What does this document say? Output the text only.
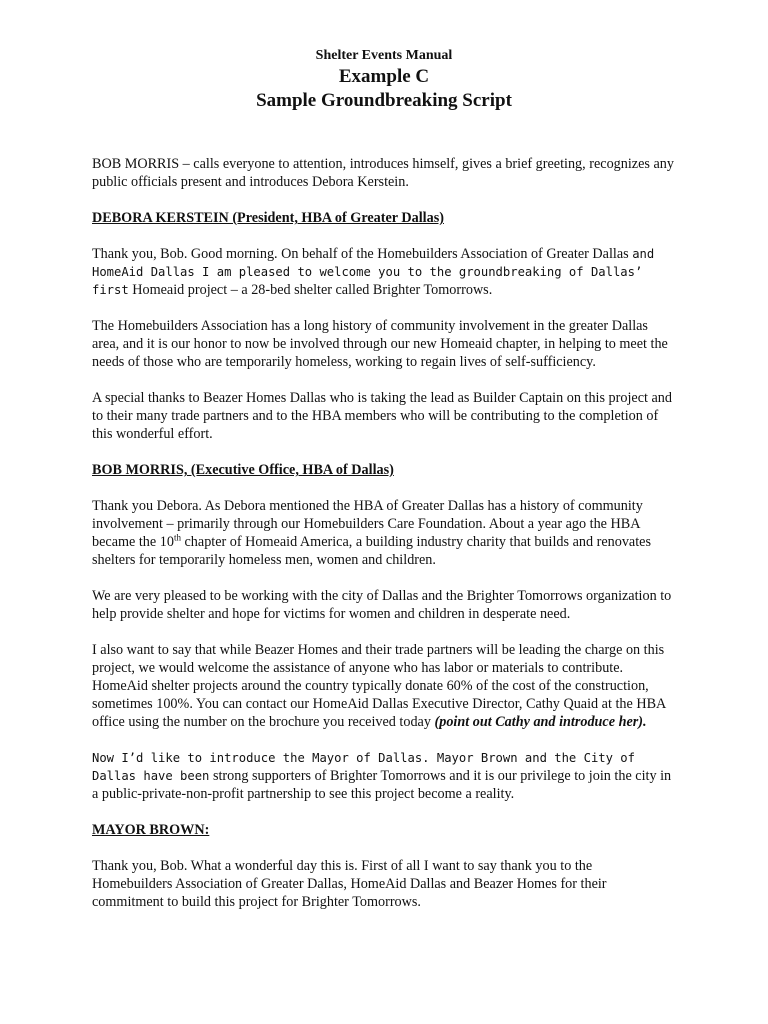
Shelter Events Manual
Example C
Sample Groundbreaking Script

BOB MORRIS – calls everyone to attention, introduces himself, gives a brief greeting, recognizes any public officials present and introduces Debora Kerstein.

DEBORA KERSTEIN (President, HBA of Greater Dallas)

Thank you, Bob. Good morning. On behalf of the Homebuilders Association of Greater Dallas and HomeAid Dallas I am pleased to welcome you to the groundbreaking of Dallas’ first Homeaid project – a 28-bed shelter called Brighter Tomorrows.

The Homebuilders Association has a long history of community involvement in the greater Dallas area, and it is our honor to now be involved through our new Homeaid chapter, in helping to meet the needs of those who are temporarily homeless, working to regain lives of self-sufficiency.

A special thanks to Beazer Homes Dallas who is taking the lead as Builder Captain on this project and to their many trade partners and to the HBA members who will be contributing to the completion of this wonderful effort.

BOB MORRIS, (Executive Office, HBA of Dallas)

Thank you Debora. As Debora mentioned the HBA of Greater Dallas has a history of community involvement – primarily through our Homebuilders Care Foundation. About a year ago the HBA became the 10th chapter of Homeaid America, a building industry charity that builds and renovates shelters for temporarily homeless men, women and children.

We are very pleased to be working with the city of Dallas and the Brighter Tomorrows organization to help provide shelter and hope for victims for women and children in desperate need.

I also want to say that while Beazer Homes and their trade partners will be leading the charge on this project, we would welcome the assistance of anyone who has labor or materials to contribute. HomeAid shelter projects around the country typically donate 60% of the cost of the construction, sometimes 100%. You can contact our HomeAid Dallas Executive Director, Cathy Quaid at the HBA office using the number on the brochure you received today (point out Cathy and introduce her).

Now I’d like to introduce the Mayor of Dallas. Mayor Brown and the City of Dallas have been strong supporters of Brighter Tomorrows and it is our privilege to join the city in a public-private-non-profit partnership to see this project become a reality.

MAYOR BROWN:

Thank you, Bob. What a wonderful day this is. First of all I want to say thank you to the Homebuilders Association of Greater Dallas, HomeAid Dallas and Beazer Homes for their commitment to build this project for Brighter Tomorrows.
